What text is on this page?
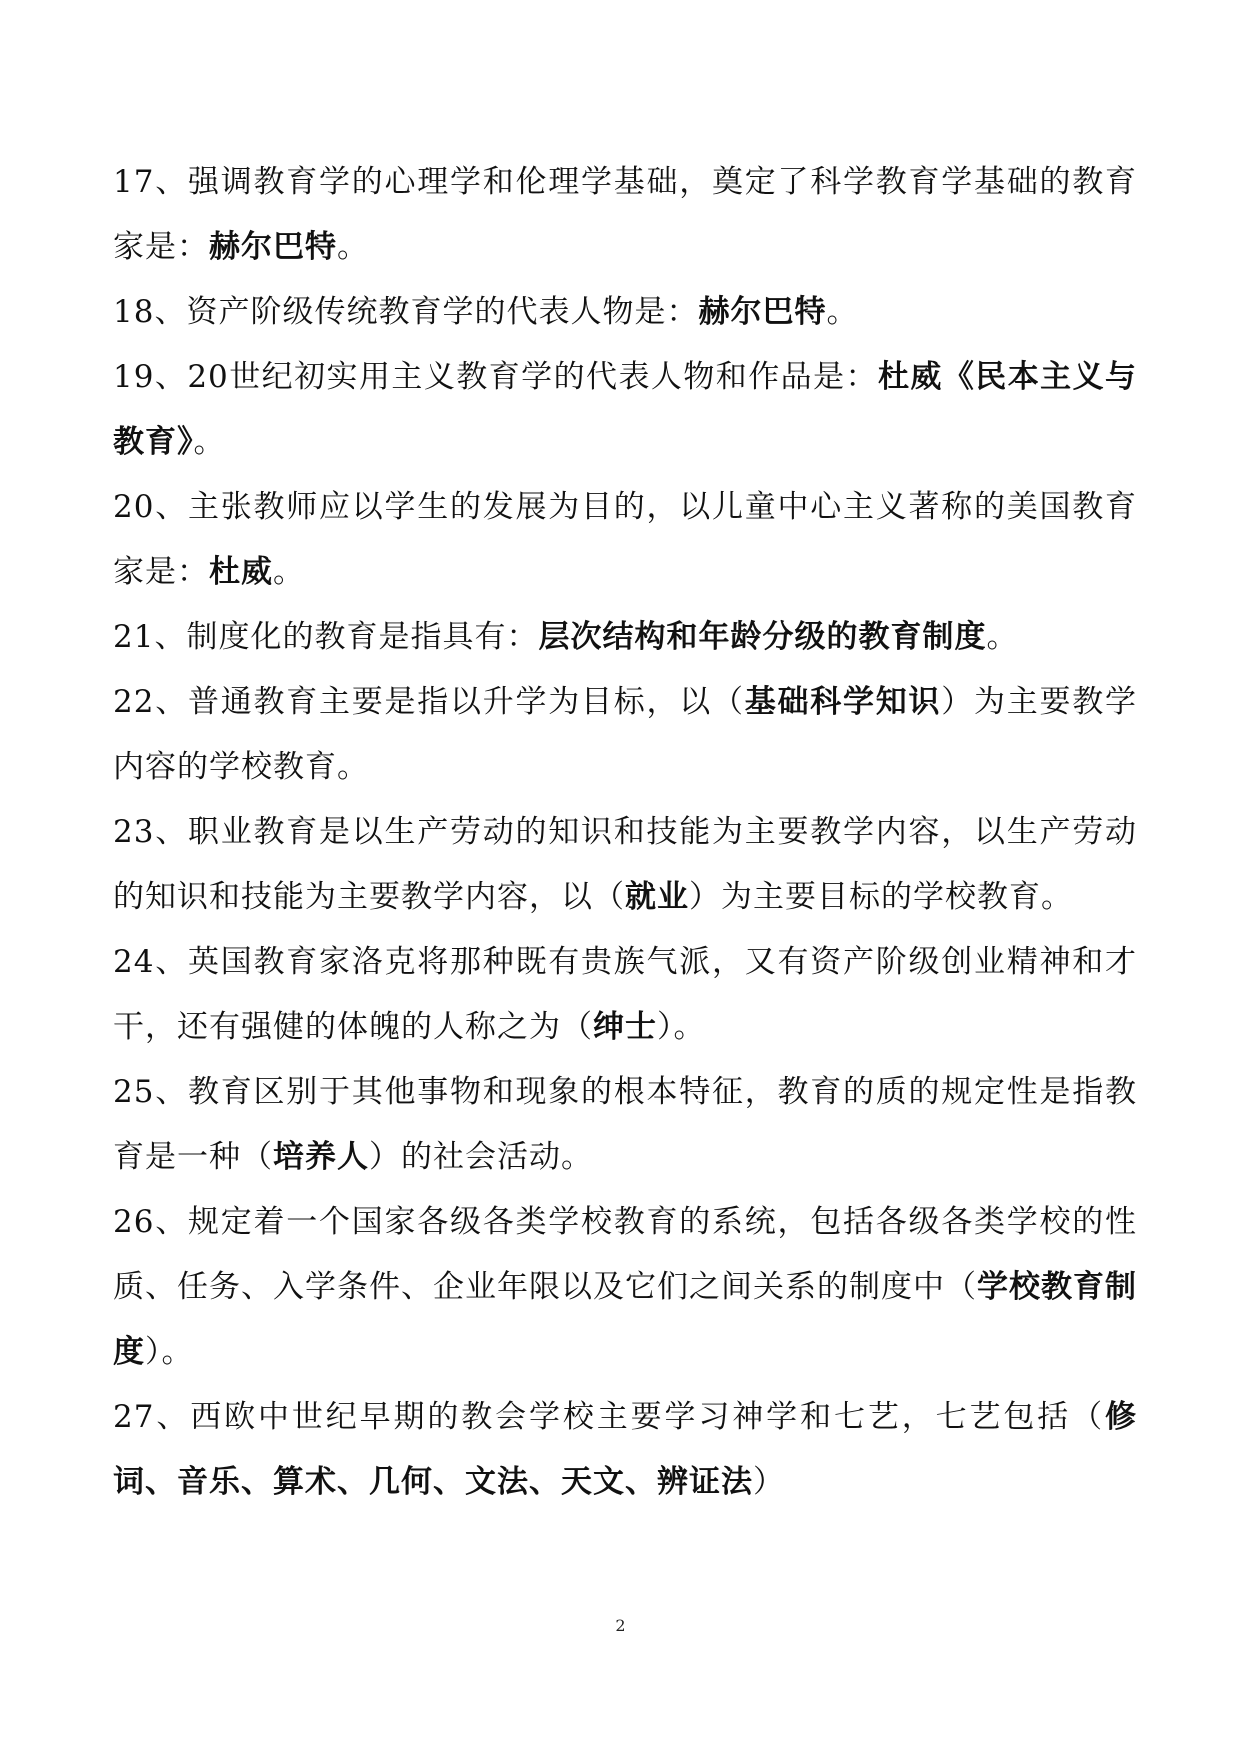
17、强调教育学的心理学和伦理学基础，奠定了科学教育学基础的教育家是：赫尔巴特。

18、资产阶级传统教育学的代表人物是：赫尔巴特。

19、20世纪初实用主义教育学的代表人物和作品是：杜威《民本主义与教育》。

20、主张教师应以学生的发展为目的，以儿童中心主义著称的美国教育家是：杜威。

21、制度化的教育是指具有：层次结构和年龄分级的教育制度。

22、普通教育主要是指以升学为目标，以（基础科学知识）为主要教学内容的学校教育。

23、职业教育是以生产劳动的知识和技能为主要教学内容，以生产劳动的知识和技能为主要教学内容，以（就业）为主要目标的学校教育。

24、英国教育家洛克将那种既有贵族气派，又有资产阶级创业精神和才干，还有强健的体魄的人称之为（绅士）。

25、教育区别于其他事物和现象的根本特征，教育的质的规定性是指教育是一种（培养人）的社会活动。

26、规定着一个国家各级各类学校教育的系统，包括各级各类学校的性质、任务、入学条件、企业年限以及它们之间关系的制度中（学校教育制度）。

27、西欧中世纪早期的教会学校主要学习神学和七艺，七艺包括（修词、音乐、算术、几何、文法、天文、辨证法）

2
